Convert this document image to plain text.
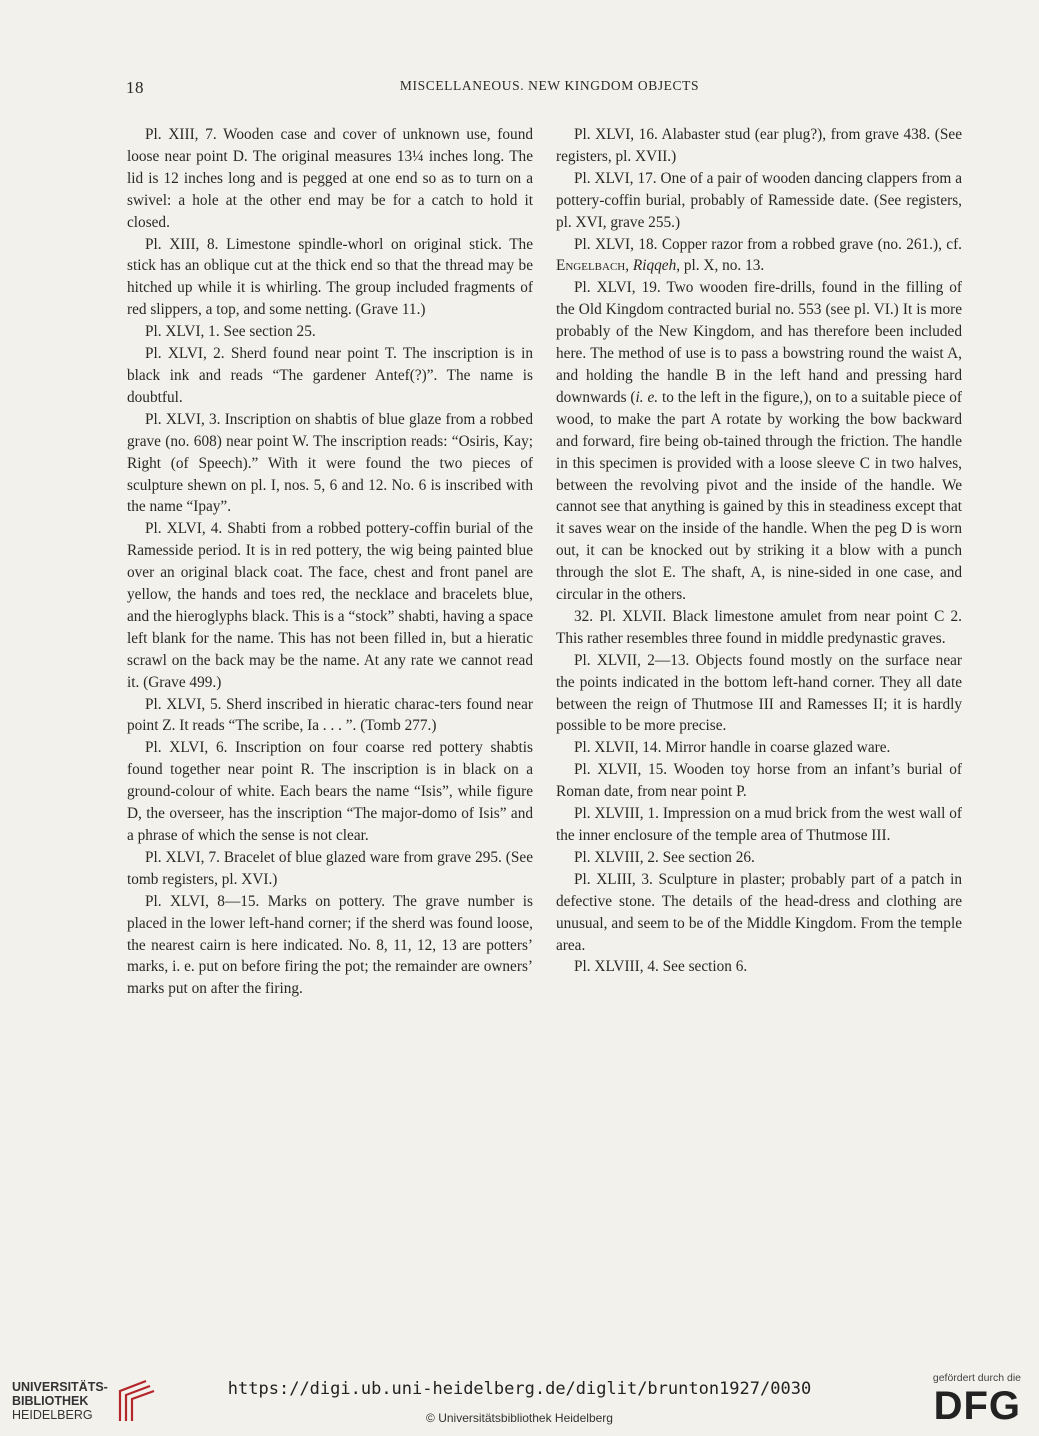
18	MISCELLANEOUS. NEW KINGDOM OBJECTS

Pl. XIII, 7. Wooden case and cover of unknown use, found loose near point D. The original measures 13¼ inches long. The lid is 12 inches long and is pegged at one end so as to turn on a swivel: a hole at the other end may be for a catch to hold it closed.

Pl. XIII, 8. Limestone spindle-whorl on original stick. The stick has an oblique cut at the thick end so that the thread may be hitched up while it is whirling. The group included fragments of red slippers, a top, and some netting. (Grave 11.)

Pl. XLVI, 1. See section 25.

Pl. XLVI, 2. Sherd found near point T. The inscription is in black ink and reads “The gardener Antef(?)”. The name is doubtful.

Pl. XLVI, 3. Inscription on shabtis of blue glaze from a robbed grave (no. 608) near point W. The inscription reads: “Osiris, Kay; Right (of Speech).” With it were found the two pieces of sculpture shewn on pl. I, nos. 5, 6 and 12. No. 6 is inscribed with the name “Ipay”.

Pl. XLVI, 4. Shabti from a robbed pottery-coffin burial of the Ramesside period. It is in red pottery, the wig being painted blue over an original black coat. The face, chest and front panel are yellow, the hands and toes red, the necklace and bracelets blue, and the hieroglyphs black. This is a “stock” shabti, having a space left blank for the name. This has not been filled in, but a hieratic scrawl on the back may be the name. At any rate we cannot read it. (Grave 499.)

Pl. XLVI, 5. Sherd inscribed in hieratic charac-ters found near point Z. It reads “The scribe, Ia . . . ”. (Tomb 277.)

Pl. XLVI, 6. Inscription on four coarse red pottery shabtis found together near point R. The inscription is in black on a ground-colour of white. Each bears the name “Isis”, while figure D, the overseer, has the inscription “The major-domo of Isis” and a phrase of which the sense is not clear.

Pl. XLVI, 7. Bracelet of blue glazed ware from grave 295. (See tomb registers, pl. XVI.)

Pl. XLVI, 8—15. Marks on pottery. The grave number is placed in the lower left-hand corner; if the sherd was found loose, the nearest cairn is here indicated. No. 8, 11, 12, 13 are potters’ marks, i. e. put on before firing the pot; the remainder are owners’ marks put on after the firing.

Pl. XLVI, 16. Alabaster stud (ear plug?), from grave 438. (See registers, pl. XVII.)

Pl. XLVI, 17. One of a pair of wooden dancing clappers from a pottery-coffin burial, probably of Ramesside date. (See registers, pl. XVI, grave 255.)

Pl. XLVI, 18. Copper razor from a robbed grave (no. 261.), cf. Engelbach, Riqqeh, pl. X, no. 13.

Pl. XLVI, 19. Two wooden fire-drills, found in the filling of the Old Kingdom contracted burial no. 553 (see pl. VI.) It is more probably of the New Kingdom, and has therefore been included here. The method of use is to pass a bowstring round the waist A, and holding the handle B in the left hand and pressing hard downwards (i. e. to the left in the figure,), on to a suitable piece of wood, to make the part A rotate by working the bow backward and forward, fire being ob-tained through the friction. The handle in this specimen is provided with a loose sleeve C in two halves, between the revolving pivot and the inside of the handle. We cannot see that anything is gained by this in steadiness except that it saves wear on the inside of the handle. When the peg D is worn out, it can be knocked out by striking it a blow with a punch through the slot E. The shaft, A, is nine-sided in one case, and circular in the others.

32. Pl. XLVII. Black limestone amulet from near point C 2. This rather resembles three found in middle predynastic graves.

Pl. XLVII, 2—13. Objects found mostly on the surface near the points indicated in the bottom left-hand corner. They all date between the reign of Thutmose III and Ramesses II; it is hardly possible to be more precise.

Pl. XLVII, 14. Mirror handle in coarse glazed ware.

Pl. XLVII, 15. Wooden toy horse from an infant’s burial of Roman date, from near point P.

Pl. XLVIII, 1. Impression on a mud brick from the west wall of the inner enclosure of the temple area of Thutmose III.

Pl. XLVIII, 2. See section 26.

Pl. XLIII, 3. Sculpture in plaster; probably part of a patch in defective stone. The details of the head-dress and clothing are unusual, and seem to be of the Middle Kingdom. From the temple area.

Pl. XLVIII, 4. See section 6.

UNIVERSITÄTS-
BIBLIOTHEK
HEIDELBERG
https://digi.ub.uni-heidelberg.de/diglit/brunton1927/0030
© Universitätsbibliothek Heidelberg
gefördert durch die
DFG
